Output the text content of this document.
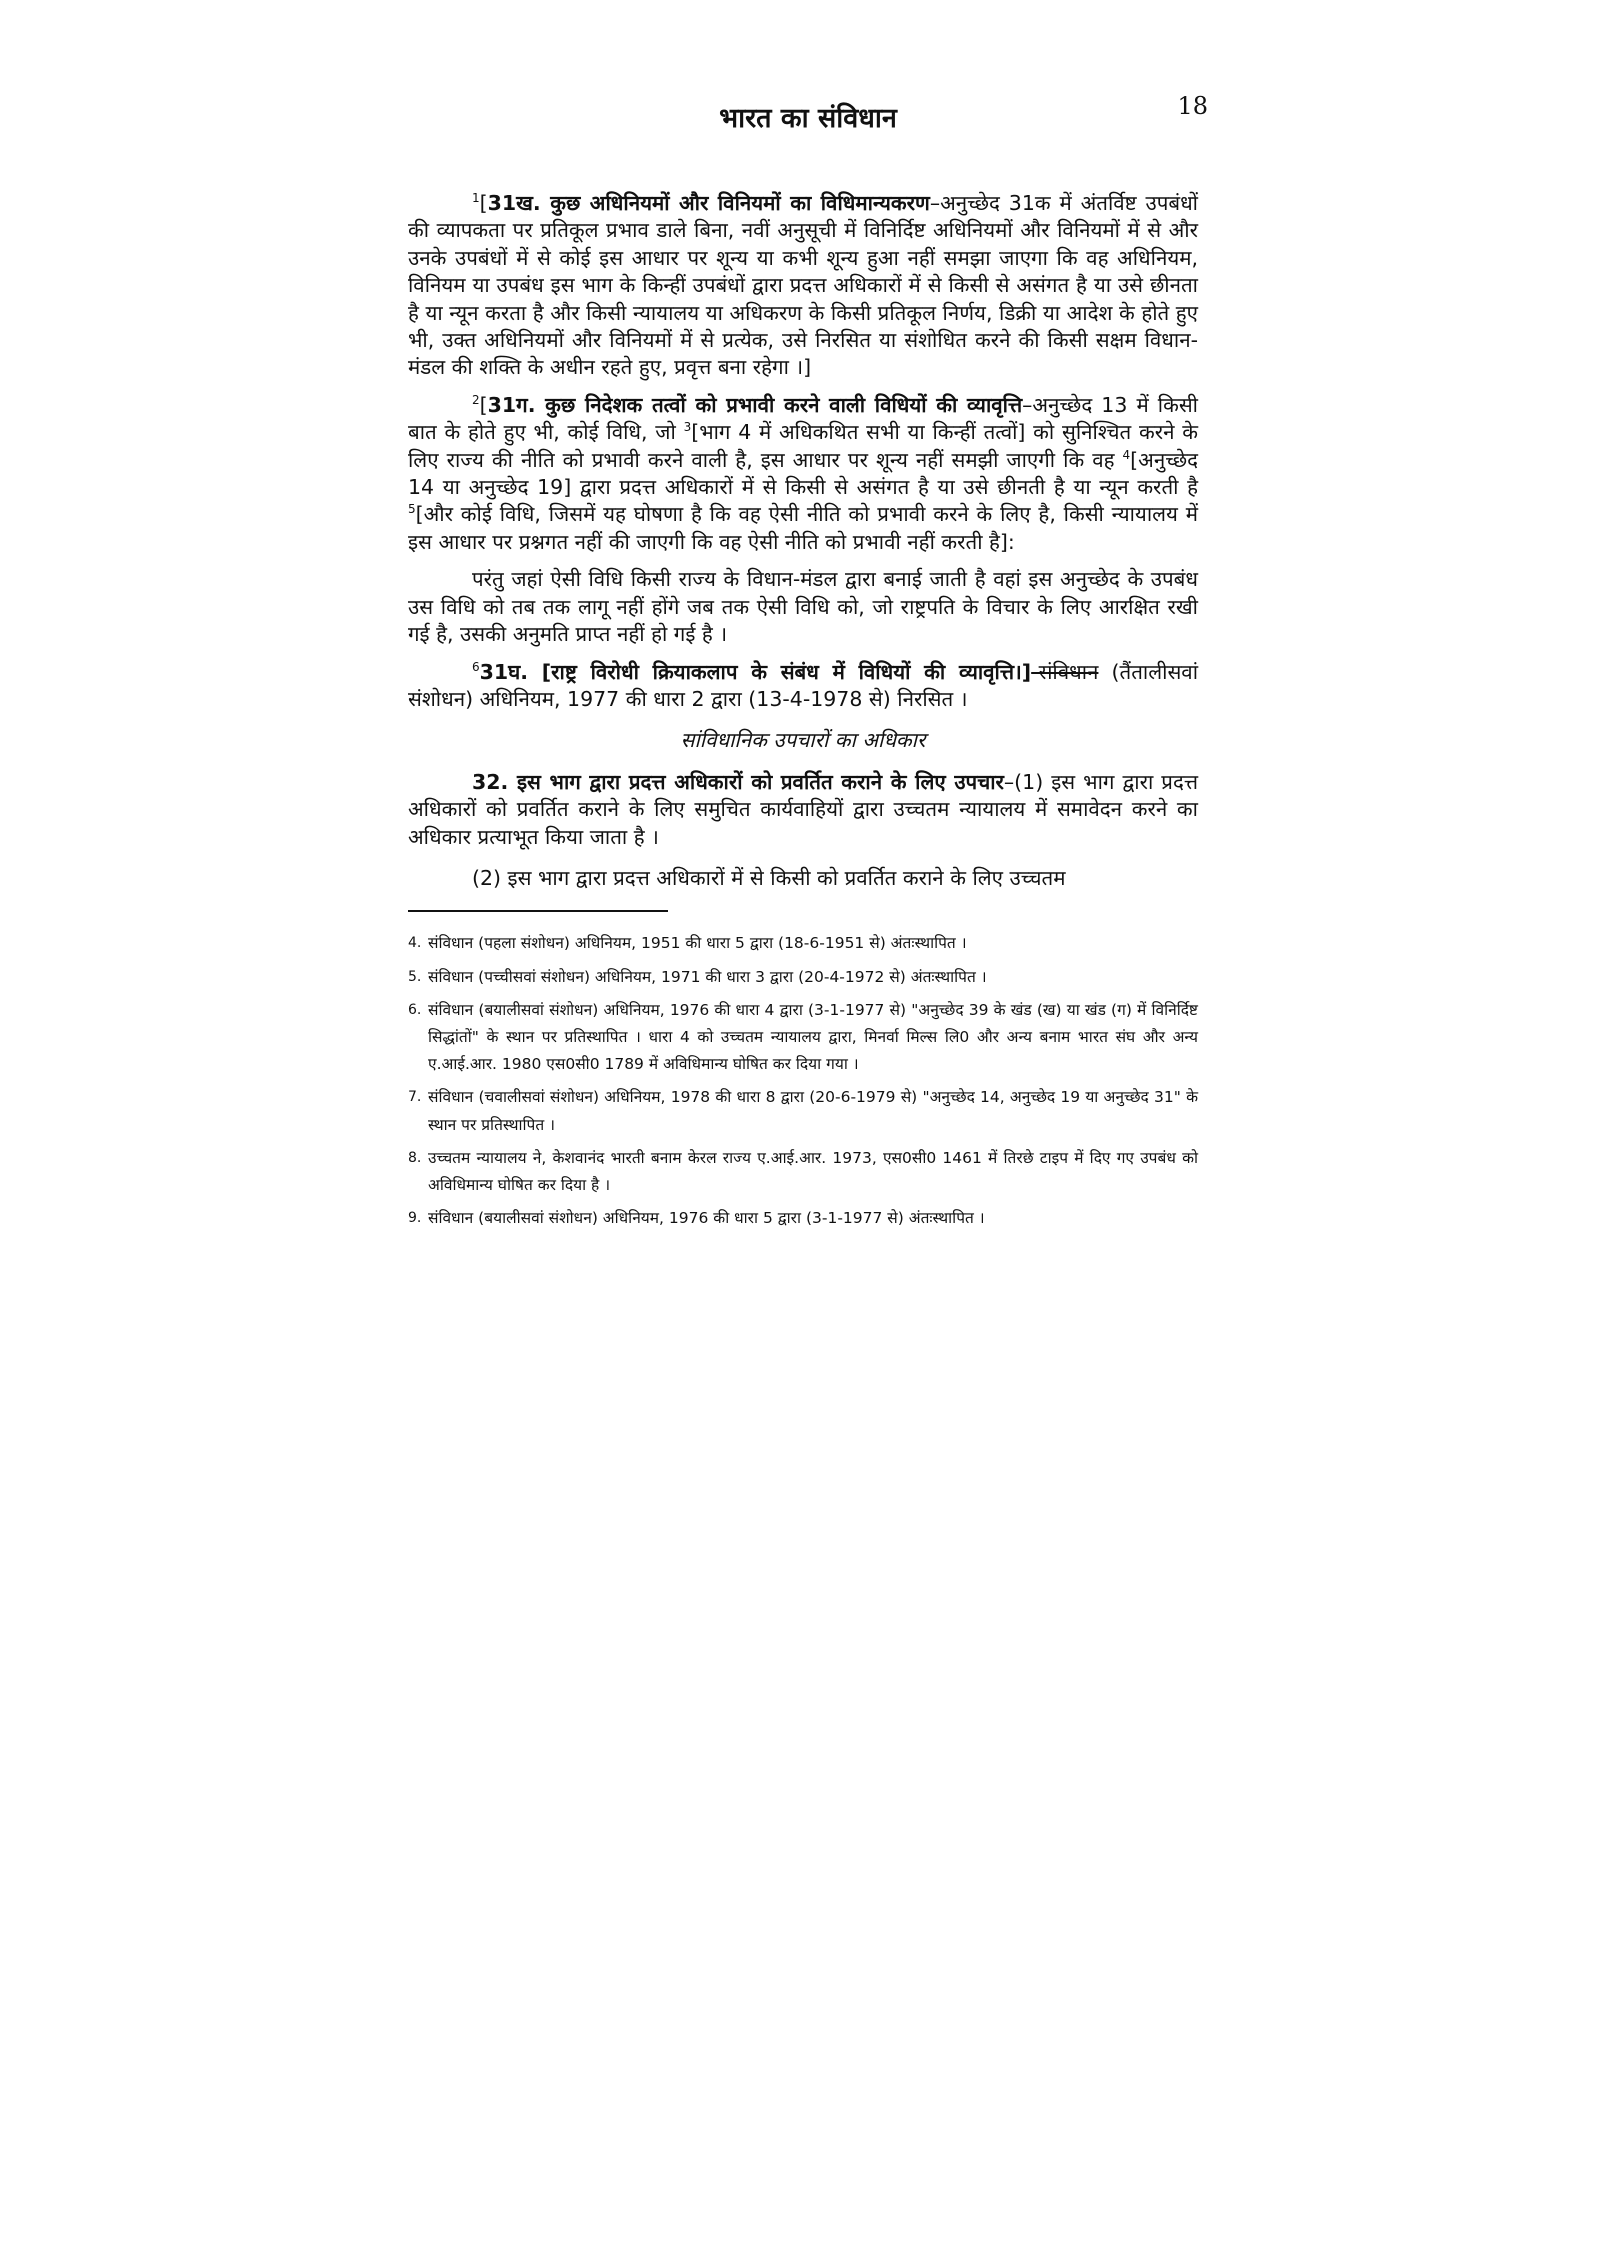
भारत का संविधान	18

$^1$[31ख. कुछ अधिनियमों और विनियमों का विधिमान्यकरण–अनुच्छेद 31क में अंतर्विष्ट उपबंधों की व्यापकता पर प्रतिकूल प्रभाव डाले बिना, नवीं अनुसूची में विनिर्दिष्ट अधिनियमों और विनियमों में से और उनके उपबंधों में से कोई इस आधार पर शून्य या कभी शून्य हुआ नहीं समझा जाएगा कि वह अधिनियम, विनियम या उपबंध इस भाग के किन्हीं उपबंधों द्वारा प्रदत्त अधिकारों में से किसी से असंगत है या उसे छीनता है या न्यून करता है और किसी न्यायालय या अधिकरण के किसी प्रतिकूल निर्णय, डिक्री या आदेश के होते हुए भी, उक्त अधिनियमों और विनियमों में से प्रत्येक, उसे निरसित या संशोधित करने की किसी सक्षम विधान-मंडल की शक्ति के अधीन रहते हुए, प्रवृत्त बना रहेगा ।]

$^2$[31ग. कुछ निदेशक तत्वों को प्रभावी करने वाली विधियों की व्यावृत्ति–अनुच्छेद 13 में किसी बात के होते हुए भी, कोई विधि, जो $^3$[भाग 4 में अधिकथित सभी या किन्हीं तत्वों] को सुनिश्चित करने के लिए राज्य की नीति को प्रभावी करने वाली है, इस आधार पर शून्य नहीं समझी जाएगी कि वह $^4$[अनुच्छेद 14 या अनुच्छेद 19] द्वारा प्रदत्त अधिकारों में से किसी से असंगत है या उसे छीनती है या न्यून करती है $^5$[और कोई विधि, जिसमें यह घोषणा है कि वह ऐसी नीति को प्रभावी करने के लिए है, किसी न्यायालय में इस आधार पर प्रश्नगत नहीं की जाएगी कि वह ऐसी नीति को प्रभावी नहीं करती है]:

परंतु जहां ऐसी विधि किसी राज्य के विधान-मंडल द्वारा बनाई जाती है वहां इस अनुच्छेद के उपबंध उस विधि को तब तक लागू नहीं होंगे जब तक ऐसी विधि को, जो राष्ट्रपति के विचार के लिए आरक्षित रखी गई है, उसकी अनुमति प्राप्त नहीं हो गई है ।

$^6$31घ. [राष्ट्र विरोधी क्रियाकलाप के संबंध में विधियों की व्यावृत्ति।]-संविधान (तैंतालीसवां संशोधन) अधिनियम, 1977 की धारा 2 द्वारा (13-4-1978 से) निरसित ।

सांविधानिक उपचारों का अधिकार

32. इस भाग द्वारा प्रदत्त अधिकारों को प्रवर्तित कराने के लिए उपचार–(1) इस भाग द्वारा प्रदत्त अधिकारों को प्रवर्तित कराने के लिए समुचित कार्यवाहियों द्वारा उच्चतम न्यायालय में समावेदन करने का अधिकार प्रत्याभूत किया जाता है ।

(2) इस भाग द्वारा प्रदत्त अधिकारों में से किसी को प्रवर्तित कराने के लिए उच्चतम

4. संविधान (पहला संशोधन) अधिनियम, 1951 की धारा 5 द्वारा (18-6-1951 से) अंतःस्थापित ।
5. संविधान (पच्चीसवां संशोधन) अधिनियम, 1971 की धारा 3 द्वारा (20-4-1972 से) अंतःस्थापित ।
6. संविधान (बयालीसवां संशोधन) अधिनियम, 1976 की धारा 4 द्वारा (3-1-1977 से) "अनुच्छेद 39 के खंड (ख) या खंड (ग) में विनिर्दिष्ट सिद्धांतों" के स्थान पर प्रतिस्थापित । धारा 4 को उच्चतम न्यायालय द्वारा, मिनर्वा मिल्स लि0 और अन्य बनाम भारत संघ और अन्य ए.आई.आर. 1980 एस0सी0 1789 में अविधिमान्य घोषित कर दिया गया ।
7. संविधान (चवालीसवां संशोधन) अधिनियम, 1978 की धारा 8 द्वारा (20-6-1979 से) "अनुच्छेद 14, अनुच्छेद 19 या अनुच्छेद 31" के स्थान पर प्रतिस्थापित ।
8. उच्चतम न्यायालय ने, केशवानंद भारती बनाम केरल राज्य ए.आई.आर. 1973, एस0सी0 1461 में तिरछे टाइप में दिए गए उपबंध को अविधिमान्य घोषित कर दिया है ।
9. संविधान (बयालीसवां संशोधन) अधिनियम, 1976 की धारा 5 द्वारा (3-1-1977 से) अंतःस्थापित ।
